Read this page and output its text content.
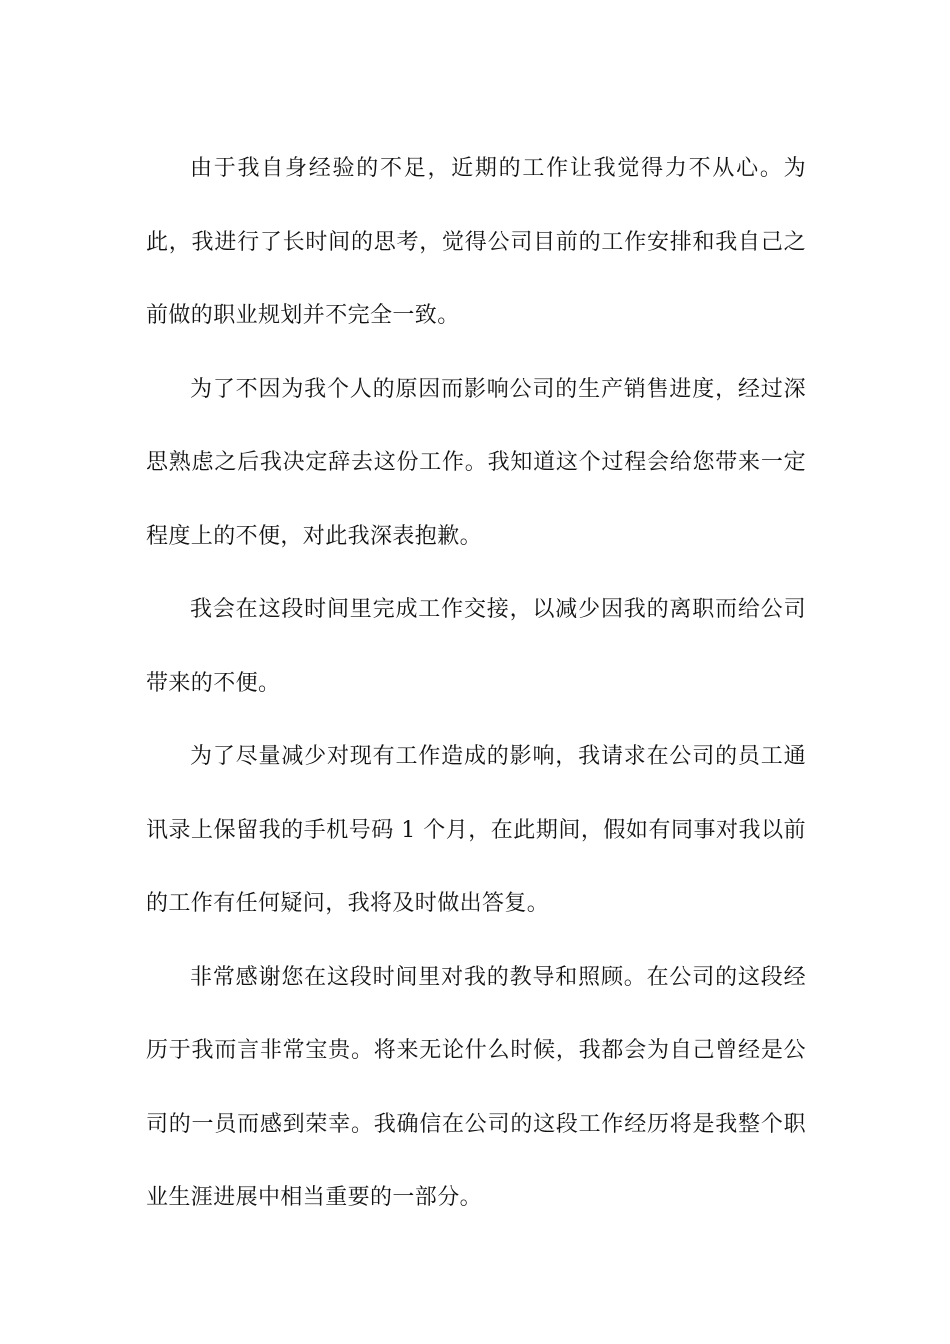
由于我自身经验的不足，近期的工作让我觉得力不从心。为此，我进行了长时间的思考，觉得公司目前的工作安排和我自己之前做的职业规划并不完全一致。

为了不因为我个人的原因而影响公司的生产销售进度，经过深思熟虑之后我决定辞去这份工作。我知道这个过程会给您带来一定程度上的不便，对此我深表抱歉。

我会在这段时间里完成工作交接，以减少因我的离职而给公司带来的不便。

为了尽量减少对现有工作造成的影响，我请求在公司的员工通讯录上保留我的手机号码 1 个月，在此期间，假如有同事对我以前的工作有任何疑问，我将及时做出答复。

非常感谢您在这段时间里对我的教导和照顾。在公司的这段经历于我而言非常宝贵。将来无论什么时候，我都会为自己曾经是公司的一员而感到荣幸。我确信在公司的这段工作经历将是我整个职业生涯进展中相当重要的一部分。
